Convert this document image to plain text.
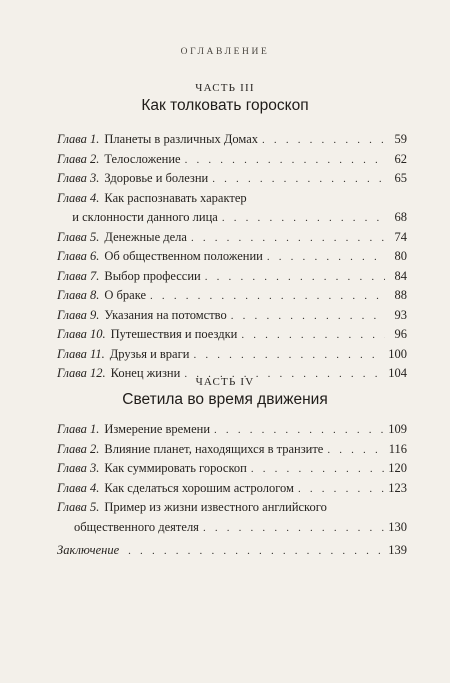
ОГЛАВЛЕНИЕ
ЧАСТЬ III
Как толковать гороскоп
Глава 1. Планеты в различных Домах . . .	59
Глава 2. Телосложение . . .	62
Глава 3. Здоровье и болезни . . .	65
Глава 4. Как распознавать характер
и склонности данного лица . . .	68
Глава 5. Денежные дела . . .	74
Глава 6. Об общественном положении . . .	80
Глава 7. Выбор профессии . . .	84
Глава 8. О браке . . .	88
Глава 9. Указания на потомство . . .	93
Глава 10. Путешествия и поездки . . .	96
Глава 11. Друзья и враги . . .	100
Глава 12. Конец жизни . . .	104
ЧАСТЬ IV
Светила во время движения
Глава 1. Измерение времени . . .	109
Глава 2. Влияние планет, находящихся в транзите . . .	116
Глава 3. Как суммировать гороскоп . . .	120
Глава 4. Как сделаться хорошим астрологом . . .	123
Глава 5. Пример из жизни известного английского
общественного деятеля . . .	130
Заключение . . .	139
